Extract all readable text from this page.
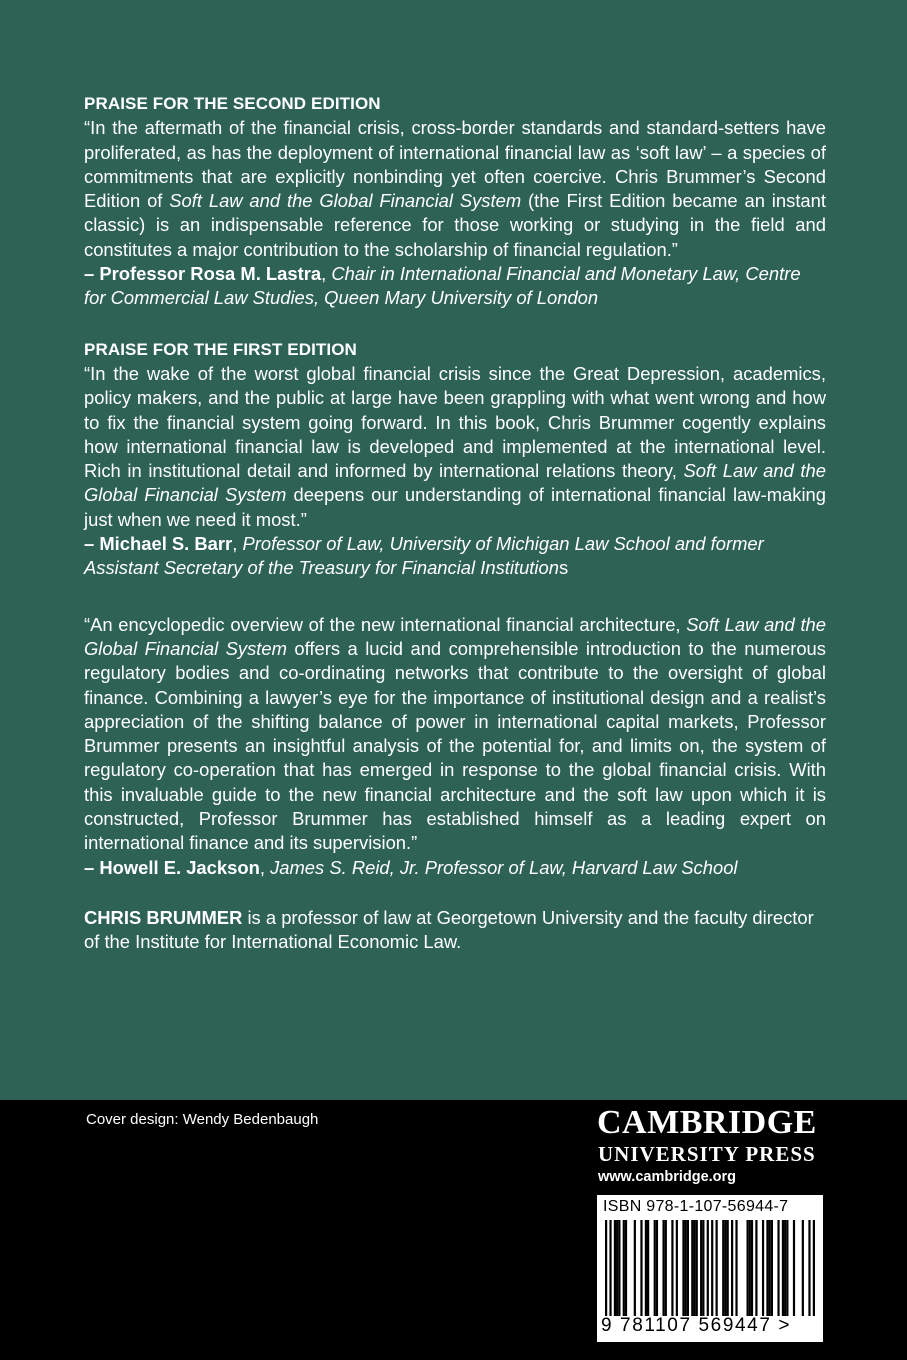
PRAISE FOR THE SECOND EDITION

“In the aftermath of the financial crisis, cross-border standards and standard-setters have proliferated, as has the deployment of international financial law as ‘soft law’ – a species of commitments that are explicitly nonbinding yet often coercive. Chris Brummer’s Second Edition of Soft Law and the Global Financial System (the First Edition became an instant classic) is an indispensable reference for those working or studying in the field and constitutes a major contribution to the scholarship of financial regulation.”

– Professor Rosa M. Lastra, Chair in International Financial and Monetary Law, Centre for Commercial Law Studies, Queen Mary University of London

PRAISE FOR THE FIRST EDITION

“In the wake of the worst global financial crisis since the Great Depression, academics, policy makers, and the public at large have been grappling with what went wrong and how to fix the financial system going forward. In this book, Chris Brummer cogently explains how international financial law is developed and implemented at the international level. Rich in institutional detail and informed by international relations theory, Soft Law and the Global Financial System deepens our understanding of international financial law-making just when we need it most.”

– Michael S. Barr, Professor of Law, University of Michigan Law School and former Assistant Secretary of the Treasury for Financial Institutions

“An encyclopedic overview of the new international financial architecture, Soft Law and the Global Financial System offers a lucid and comprehensible introduction to the numerous regulatory bodies and co-ordinating networks that contribute to the oversight of global finance. Combining a lawyer’s eye for the importance of institutional design and a realist’s appreciation of the shifting balance of power in international capital markets, Professor Brummer presents an insightful analysis of the potential for, and limits on, the system of regulatory co-operation that has emerged in response to the global financial crisis. With this invaluable guide to the new financial architecture and the soft law upon which it is constructed, Professor Brummer has established himself as a leading expert on international finance and its supervision.”

– Howell E. Jackson, James S. Reid, Jr. Professor of Law, Harvard Law School

CHRIS BRUMMER is a professor of law at Georgetown University and the faculty director of the Institute for International Economic Law.

Cover design: Wendy Bedenbaugh	CAMBRIDGE
UNIVERSITY PRESS
www.cambridge.org
ISBN 978-1-107-56944-7
9 781107 569447 >
